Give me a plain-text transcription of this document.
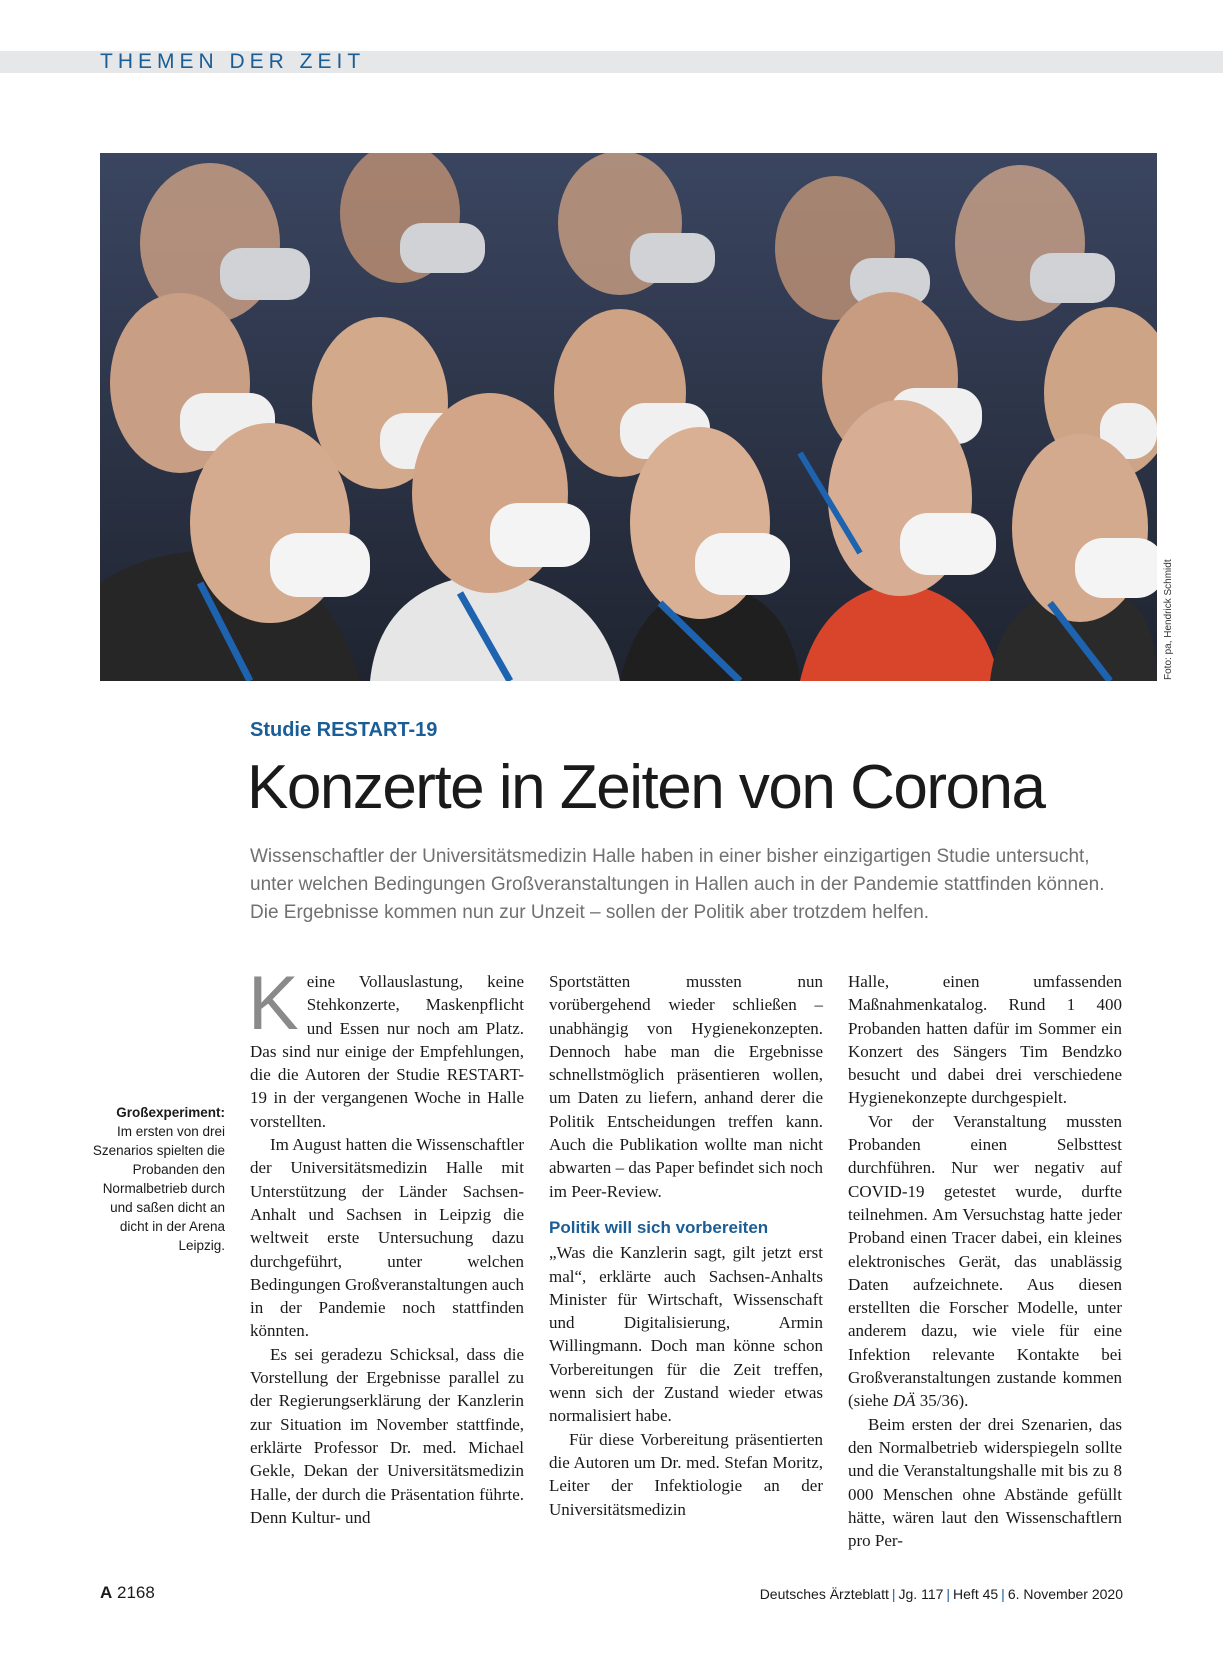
THEMEN DER ZEIT
Foto: pa, Hendrick Schmidt
Studie RESTART-19
Konzerte in Zeiten von Corona
Wissenschaftler der Universitätsmedizin Halle haben in einer bisher einzigartigen Studie untersucht, unter welchen Bedingungen Großveranstaltungen in Hallen auch in der Pandemie stattfinden können. Die Ergebnisse kommen nun zur Unzeit – sollen der Politik aber trotzdem helfen.
Großexperiment:
Im ersten von drei Szenarios spielten die Probanden den Normalbetrieb durch und saßen dicht an dicht in der Arena Leipzig.

Keine Vollauslastung, keine Stehkonzerte, Maskenpflicht und Essen nur noch am Platz. Das sind nur einige der Empfehlungen, die die Autoren der Studie RESTART-19 in der vergangenen Woche in Halle vorstellten.

Im August hatten die Wissenschaftler der Universitätsmedizin Halle mit Unterstützung der Länder Sachsen-Anhalt und Sachsen in Leipzig die weltweit erste Untersuchung dazu durchgeführt, unter welchen Bedingungen Großveranstaltungen auch in der Pandemie noch stattfinden könnten.

Es sei geradezu Schicksal, dass die Vorstellung der Ergebnisse parallel zu der Regierungserklärung der Kanzlerin zur Situation im November stattfinde, erklärte Professor Dr. med. Michael Gekle, Dekan der Universitätsmedizin Halle, der durch die Präsentation führte. Denn Kultur- und

Sportstätten mussten nun vorübergehend wieder schließen – unabhängig von Hygienekonzepten. Dennoch habe man die Ergebnisse schnellstmöglich präsentieren wollen, um Daten zu liefern, anhand derer die Politik Entscheidungen treffen kann. Auch die Publikation wollte man nicht abwarten – das Paper befindet sich noch im Peer-Review.

Politik will sich vorbereiten

„Was die Kanzlerin sagt, gilt jetzt erst mal“, erklärte auch Sachsen-Anhalts Minister für Wirtschaft, Wissenschaft und Digitalisierung, Armin Willingmann. Doch man könne schon Vorbereitungen für die Zeit treffen, wenn sich der Zustand wieder etwas normalisiert habe.

Für diese Vorbereitung präsentierten die Autoren um Dr. med. Stefan Moritz, Leiter der Infektiologie an der Universitätsmedizin

Halle, einen umfassenden Maßnahmenkatalog. Rund 1 400 Probanden hatten dafür im Sommer ein Konzert des Sängers Tim Bendzko besucht und dabei drei verschiedene Hygienekonzepte durchgespielt.

Vor der Veranstaltung mussten Probanden einen Selbsttest durchführen. Nur wer negativ auf COVID-19 getestet wurde, durfte teilnehmen. Am Versuchstag hatte jeder Proband einen Tracer dabei, ein kleines elektronisches Gerät, das unablässig Daten aufzeichnete. Aus diesen erstellten die Forscher Modelle, unter anderem dazu, wie viele für eine Infektion relevante Kontakte bei Großveranstaltungen zustande kommen (siehe DÄ 35/36).

Beim ersten der drei Szenarien, das den Normalbetrieb widerspiegeln sollte und die Veranstaltungshalle mit bis zu 8 000 Menschen ohne Abstände gefüllt hätte, wären laut den Wissenschaftlern pro Per-

A 2168	Deutsches Ärzteblatt | Jg. 117 | Heft 45 | 6. November 2020
